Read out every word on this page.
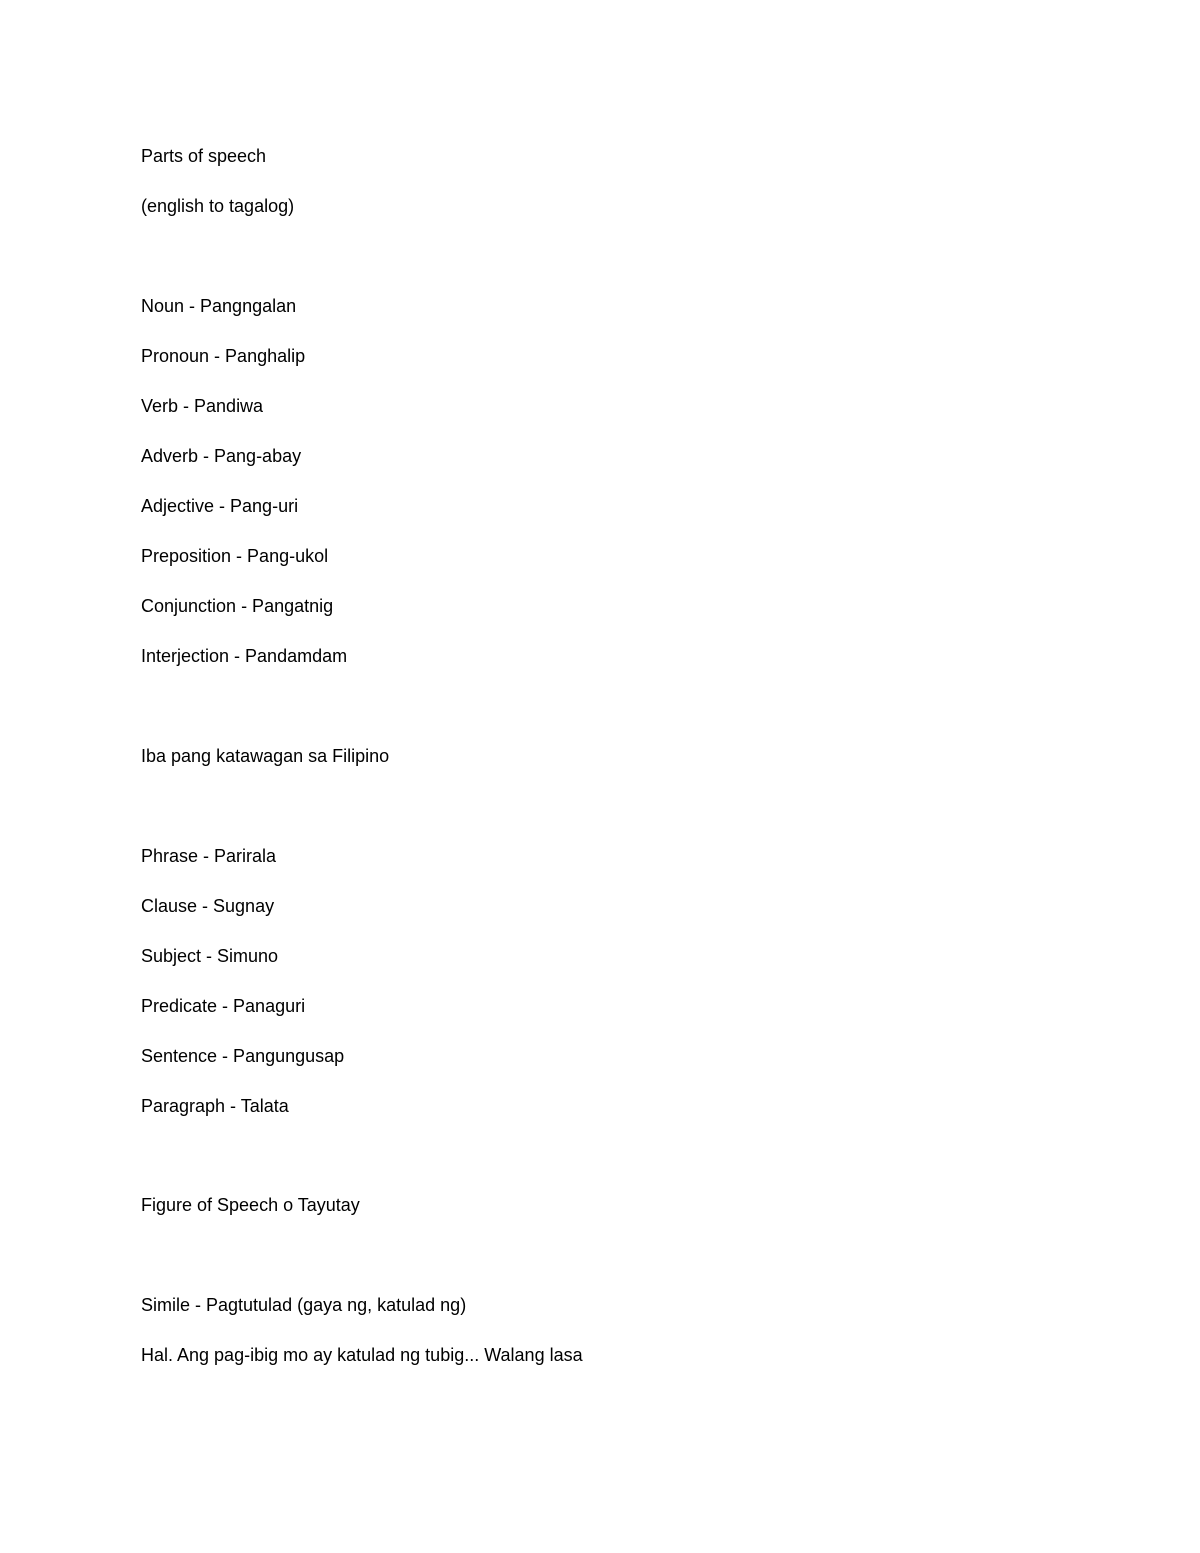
Parts of speech

(english to tagalog)

Noun - Pangngalan

Pronoun - Panghalip

Verb - Pandiwa

Adverb - Pang-abay

Adjective - Pang-uri

Preposition - Pang-ukol

Conjunction - Pangatnig

Interjection - Pandamdam

Iba pang katawagan sa Filipino

Phrase - Parirala

Clause - Sugnay

Subject - Simuno

Predicate - Panaguri

Sentence - Pangungusap

Paragraph - Talata

Figure of Speech o Tayutay

Simile - Pagtutulad (gaya ng, katulad ng)

Hal. Ang pag-ibig mo ay katulad ng tubig... Walang lasa
